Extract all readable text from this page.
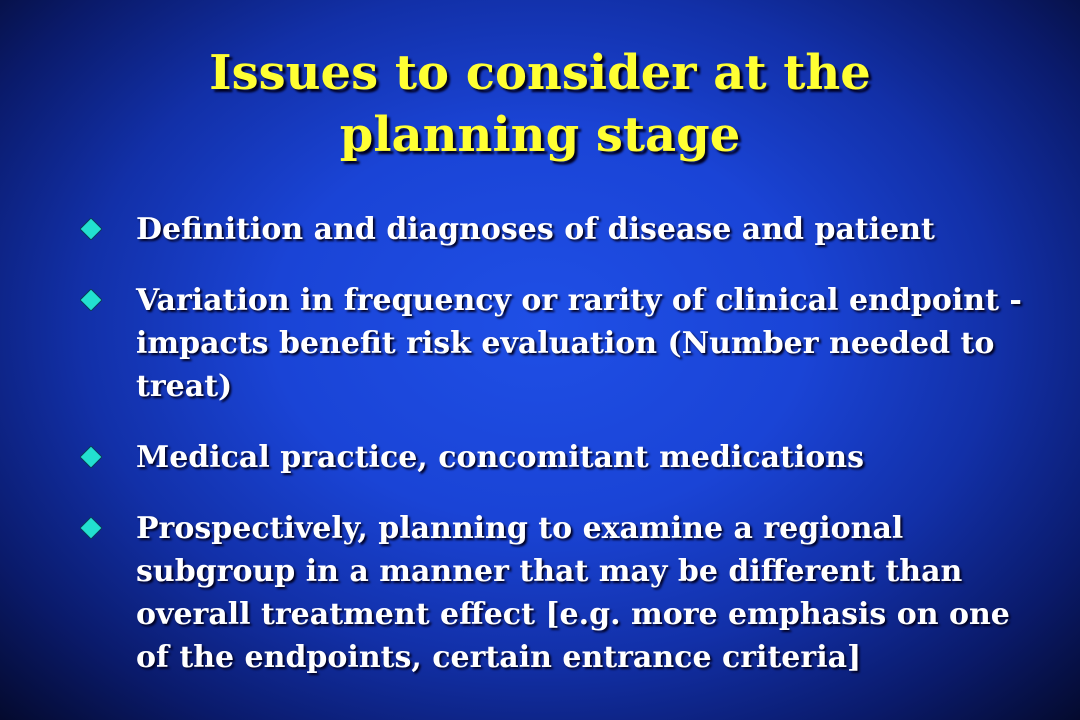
Issues to consider at the
planning stage
Definition and diagnoses of disease and patient
Variation in frequency or rarity of clinical endpoint -impacts benefit risk evaluation (Number needed to treat)
Medical practice, concomitant medications
Prospectively, planning to examine a regional subgroup in a manner that may be different than overall treatment effect [e.g. more emphasis on one of the endpoints, certain entrance criteria]
